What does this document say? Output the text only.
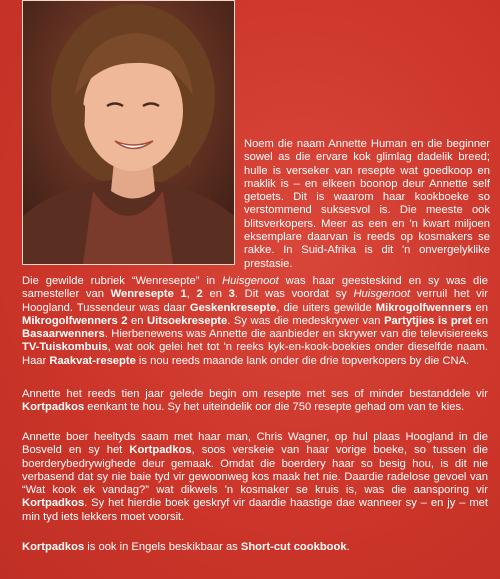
Noem die naam Annette Human en die beginner sowel as die ervare kok glimlag dadelik breed; hulle is verseker van resepte wat goedkoop en maklik is – en elkeen boonop deur Annette self getoets. Dit is waarom haar kookboeke so verstommend suksesvol is. Die meeste ook blitsverkopers. Meer as een en 'n kwart miljoen eksemplare daarvan is reeds op kosmakers se rakke. In Suid-Afrika is dit 'n onvergelyklike prestasie.

Die gewilde rubriek “Wenresepte” in Huisgenoot was haar geesteskind en sy was die samesteller van Wenresepte 1, 2 en 3. Dit was voordat sy Huisgenoot verruil het vir Hoogland. Tussendeur was daar Geskenkresepte, die uiters gewilde Mikrogolfwenners en Mikrogolfwenners 2 en Uitsoekresepte. Sy was die medeskrywer van Partytjies is pret en Basaarwenners. Hierbenewens was Annette die aanbieder en skrywer van die televisiereeks TV-Tuiskombuis, wat ook gelei het tot 'n reeks kyk-en-kook-boekies onder dieselfde naam. Haar Raakvat-resepte is nou reeds maande lank onder die drie topverkopers by die CNA.

Annette het reeds tien jaar gelede begin om resepte met ses of minder bestanddele vir Kortpadkos eenkant te hou. Sy het uiteindelik oor die 750 resepte gehad om van te kies.

Annette boer heeltyds saam met haar man, Chris Wagner, op hul plaas Hoogland in die Bosveld en sy het Kortpadkos, soos verskeie van haar vorige boeke, so tussen die boerderybedrywighede deur gemaak. Omdat die boerdery haar so besig hou, is dit nie verbasend dat sy nie baie tyd vir gewoonweg kos maak het nie. Daardie radelose gevoel van “Wat kook ek vandag?” wat dikwels 'n kosmaker se kruis is, was die aansporing vir Kortpadkos. Sy het hierdie boek geskryf vir daardie haastige dae wanneer sy – en jy – met min tyd iets lekkers moet voorsit.

Kortpadkos is ook in Engels beskikbaar as Short-cut cookbook.
